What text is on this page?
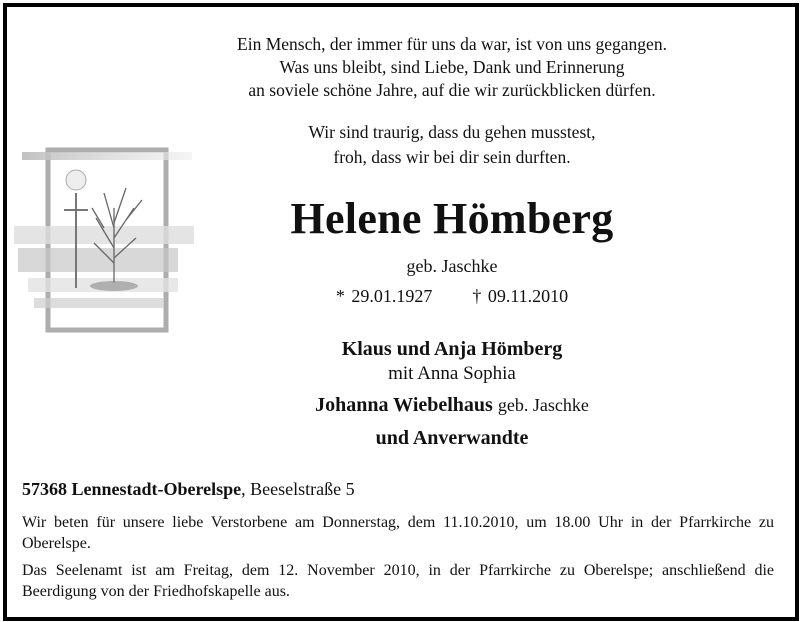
Ein Mensch, der immer für uns da war, ist von uns gegangen.
Was uns bleibt, sind Liebe, Dank und Erinnerung
an soviele schöne Jahre, auf die wir zurückblicken dürfen.
Wir sind traurig, dass du gehen musstest,
froh, dass wir bei dir sein durften.
Helene Hömberg
geb. Jaschke
* 29.01.1927 † 09.11.2010
Klaus und Anja Hömberg
mit Anna Sophia
Johanna Wiebelhaus geb. Jaschke
und Anverwandte
57368 Lennestadt-Oberelspe, Beeselstraße 5
Wir beten für unsere liebe Verstorbene am Donnerstag, dem 11.10.2010, um 18.00 Uhr in der Pfarrkirche zu Oberelspe.
Das Seelenamt ist am Freitag, dem 12. November 2010, in der Pfarrkirche zu Oberelspe; anschließend die Beerdigung von der Friedhofskapelle aus.
